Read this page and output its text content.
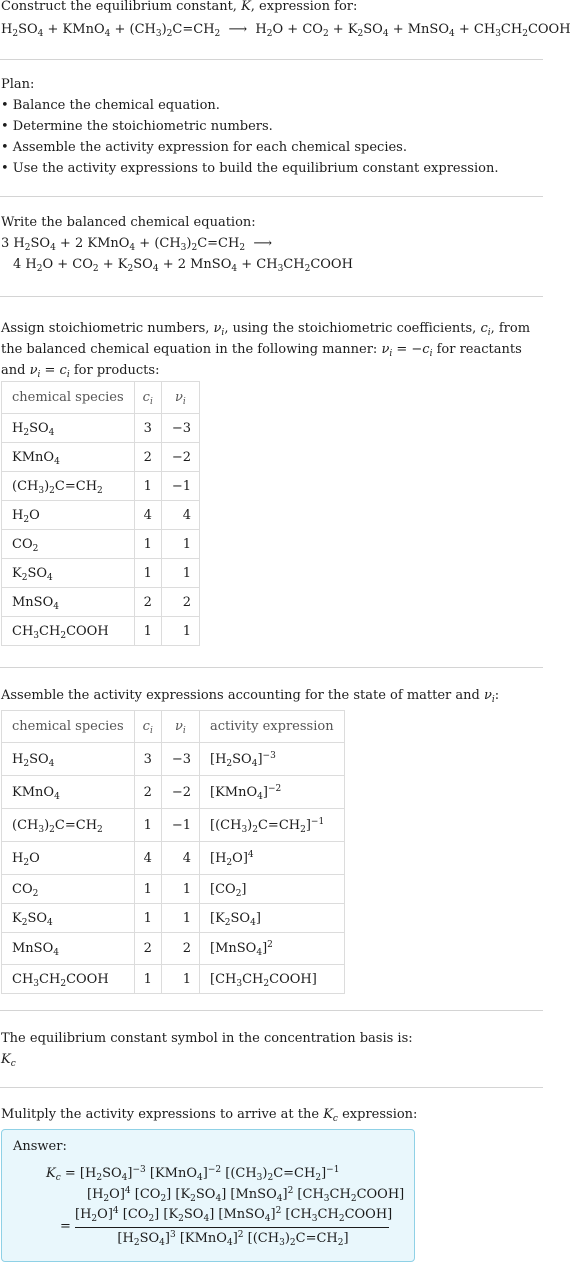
Construct the equilibrium constant, K, expression for:
$H_2SO_4$ + KMnO$_4$ + $(CH_3)_2C=CH_2$  ⟶  $H_2O + CO_2 + K_2SO_4$ + MnSO$_4$ + $CH_3CH_2COOH$
Plan:
• Balance the chemical equation.
• Determine the stoichiometric numbers.
• Assemble the activity expression for each chemical species.
• Use the activity expressions to build the equilibrium constant expression.
Write the balanced chemical equation:
3 $H_2SO_4 + 2$ KMnO$_4$ + $(CH_3)_2C=CH_2$  ⟶
4 $H_2O + CO_2 + K_2SO_4 + 2$ MnSO$_4$ + $CH_3CH_2COOH$
Assign stoichiometric numbers, $\nu_i$, using the stoichiometric coefficients, $c_i$, from
the balanced chemical equation in the following manner: $\nu_i = -c_i$ for reactants
and $\nu_i = c_i$ for products:
chemical species	$c_i$	$\nu_i$
$H_2SO_4$	3	−3
KMnO$_4$	2	−2
$(CH_3)_2C=CH_2$	1	−1
$H_2O$	4	4
$CO_2$	1	1
$K_2SO_4$	1	1
MnSO$_4$	2	2
$CH_3CH_2COOH$	1	1
Assemble the activity expressions accounting for the state of matter and $\nu_i$:
chemical species	$c_i$	$\nu_i$	activity expression
$H_2SO_4$	3	−3	$[H_2SO_4]^{-3}$
KMnO$_4$	2	−2	[KMnO$_4$]$^{-2}$
$(CH_3)_2C=CH_2$	1	−1	$[(CH_3)_2C=CH_2]^{-1}$
$H_2O$	4	4	$[H_2O]^4$
$CO_2$	1	1	$[CO_2]$
$K_2SO_4$	1	1	$[K_2SO_4]$
MnSO$_4$	2	2	[MnSO$_4$]$^2$
$CH_3CH_2COOH$	1	1	$[CH_3CH_2COOH]$
The equilibrium constant symbol in the concentration basis is:
$K_c$
Mulitply the activity expressions to arrive at the $K_c$ expression:
Answer:
$K_c = [H_2SO_4]^{-3}$ [KMnO$_4$]$^{-2}$ $[(CH_3)_2C=CH_2]^{-1}$
$[H_2O]^4$ $[CO_2]$ $[K_2SO_4]$ [MnSO$_4$]$^2$ $[CH_3CH_2COOH]$
=
$[H_2O]^4$ $[CO_2]$ $[K_2SO_4]$ [MnSO$_4$]$^2$ $[CH_3CH_2COOH]$
$[H_2SO_4]^3$ [KMnO$_4$]$^2$ $[(CH_3)_2C=CH_2]$
